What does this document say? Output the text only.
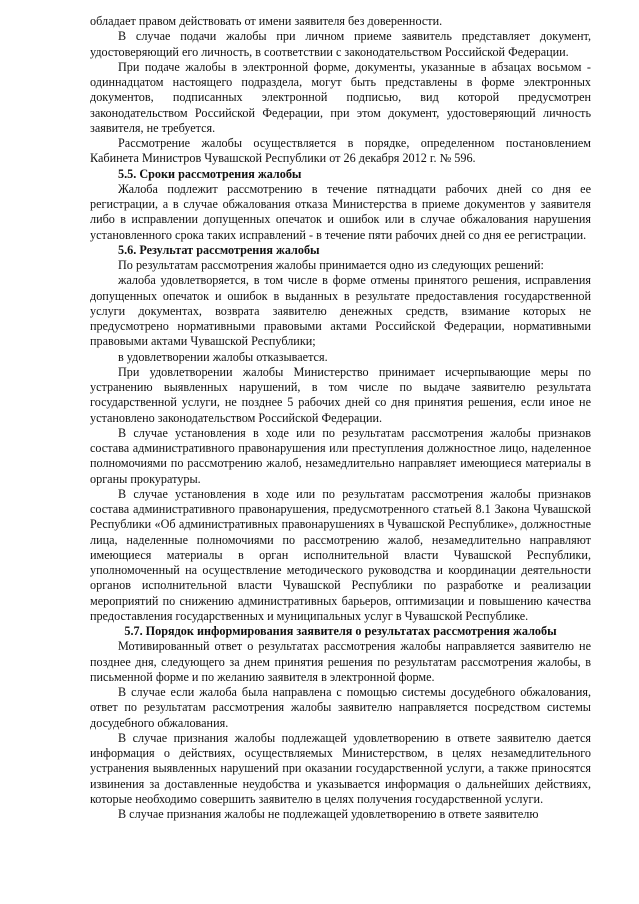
обладает правом действовать от имени заявителя без доверенности.

В случае подачи жалобы при личном приеме заявитель представляет документ, удостоверяющий его личность, в соответствии с законодательством Российской Федерации.

При подаче жалобы в электронной форме, документы, указанные в абзацах восьмом - одиннадцатом настоящего подраздела, могут быть представлены в форме электронных документов, подписанных электронной подписью, вид которой предусмотрен законодательством Российской Федерации, при этом документ, удостоверяющий личность заявителя, не требуется.

Рассмотрение жалобы осуществляется в порядке, определенном постановлением Кабинета Министров Чувашской Республики от 26 декабря 2012 г. № 596.

5.5. Сроки рассмотрения жалобы

Жалоба подлежит рассмотрению в течение пятнадцати рабочих дней со дня ее регистрации, а в случае обжалования отказа Министерства в приеме документов у заявителя либо в исправлении допущенных опечаток и ошибок или в случае обжалования нарушения установленного срока таких исправлений - в течение пяти рабочих дней со дня ее регистрации.

5.6. Результат рассмотрения жалобы

По результатам рассмотрения жалобы принимается одно из следующих решений:

жалоба удовлетворяется, в том числе в форме отмены принятого решения, исправления допущенных опечаток и ошибок в выданных в результате предоставления государственной услуги документах, возврата заявителю денежных средств, взимание которых не предусмотрено нормативными правовыми актами Российской Федерации, нормативными правовыми актами Чувашской Республики;

в удовлетворении жалобы отказывается.

При удовлетворении жалобы Министерство принимает исчерпывающие меры по устранению выявленных нарушений, в том числе по выдаче заявителю результата государственной услуги, не позднее 5 рабочих дней со дня принятия решения, если иное не установлено законодательством Российской Федерации.

В случае установления в ходе или по результатам рассмотрения жалобы признаков состава административного правонарушения или преступления должностное лицо, наделенное полномочиями по рассмотрению жалоб, незамедлительно направляет имеющиеся материалы в органы прокуратуры.

В случае установления в ходе или по результатам рассмотрения жалобы признаков состава административного правонарушения, предусмотренного статьей 8.1 Закона Чувашской Республики «Об административных правонарушениях в Чувашской Республике», должностные лица, наделенные полномочиями по рассмотрению жалоб, незамедлительно направляют имеющиеся материалы в орган исполнительной власти Чувашской Республики, уполномоченный на осуществление методического руководства и координации деятельности органов исполнительной власти Чувашской Республики по разработке и реализации мероприятий по снижению административных барьеров, оптимизации и повышению качества предоставления государственных и муниципальных услуг в Чувашской Республике.

5.7. Порядок информирования заявителя о результатах рассмотрения жалобы

Мотивированный ответ о результатах рассмотрения жалобы направляется заявителю не позднее дня, следующего за днем принятия решения по результатам рассмотрения жалобы, в письменной форме и по желанию заявителя в электронной форме.

В случае если жалоба была направлена с помощью системы досудебного обжалования, ответ по результатам рассмотрения жалобы заявителю направляется посредством системы досудебного обжалования.

В случае признания жалобы подлежащей удовлетворению в ответе заявителю дается информация о действиях, осуществляемых Министерством, в целях незамедлительного устранения выявленных нарушений при оказании государственной услуги, а также приносятся извинения за доставленные неудобства и указывается информация о дальнейших действиях, которые необходимо совершить заявителю в целях получения государственной услуги.

В случае признания жалобы не подлежащей удовлетворению в ответе заявителю
